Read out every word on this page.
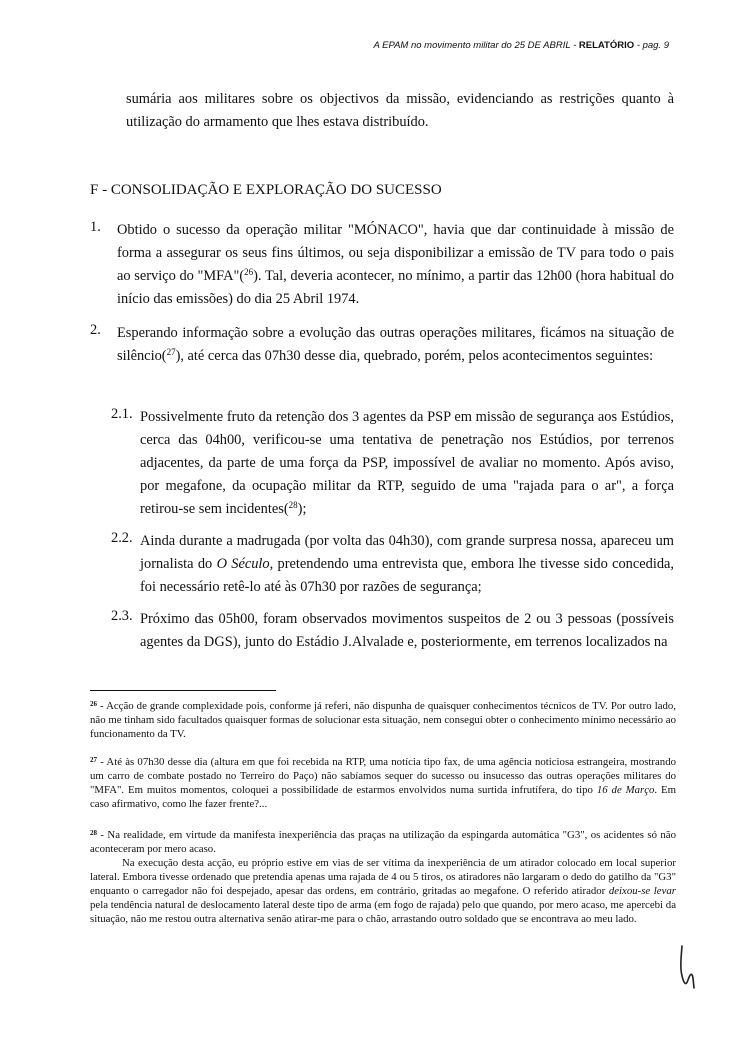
A EPAM no movimento militar do 25 DE ABRIL - RELATÓRIO - pag. 9
sumária aos militares sobre os objectivos da missão, evidenciando as restrições quanto à utilização do armamento que lhes estava distribuído.
F - CONSOLIDAÇÃO E EXPLORAÇÃO DO SUCESSO
1. Obtido o sucesso da operação militar "MÓNACO", havia que dar continuidade à missão de forma a assegurar os seus fins últimos, ou seja disponibilizar a emissão de TV para todo o pais ao serviço do "MFA"($^{26}$). Tal, deveria acontecer, no mínimo, a partir das 12h00 (hora habitual do início das emissões) do dia 25 Abril 1974.
2. Esperando informação sobre a evolução das outras operações militares, ficámos na situação de silêncio($^{27}$), até cerca das 07h30 desse dia, quebrado, porém, pelos acontecimentos seguintes:
2.1. Possivelmente fruto da retenção dos 3 agentes da PSP em missão de segurança aos Estúdios, cerca das 04h00, verificou-se uma tentativa de penetração nos Estúdios, por terrenos adjacentes, da parte de uma força da PSP, impossível de avaliar no momento. Após aviso, por megafone, da ocupação militar da RTP, seguido de uma "rajada para o ar", a força retirou-se sem incidentes($^{28}$);
2.2. Ainda durante a madrugada (por volta das 04h30), com grande surpresa nossa, apareceu um jornalista do O Século, pretendendo uma entrevista que, embora lhe tivesse sido concedida, foi necessário retê-lo até às 07h30 por razões de segurança;
2.3. Próximo das 05h00, foram observados movimentos suspeitos de 2 ou 3 pessoas (possíveis agentes da DGS), junto do Estádio J.Alvalade e, posteriormente, em terrenos localizados na
$^{26}$ - Acção de grande complexidade pois, conforme já referi, não dispunha de quaisquer conhecimentos técnicos de TV. Por outro lado, não me tinham sido facultados quaisquer formas de solucionar esta situação, nem consegui obter o conhecimento mínimo necessário ao funcionamento da TV.
$^{27}$ - Até às 07h30 desse dia (altura em que foi recebida na RTP, uma notícia tipo fax, de uma agência noticiosa estrangeira, mostrando um carro de combate postado no Terreiro do Paço) não sabíamos sequer do sucesso ou insucesso das outras operações militares do "MFA". Em muitos momentos, coloquei a possibilidade de estarmos envolvidos numa surtida infrutífera, do tipo 16 de Março. Em caso afirmativo, como lhe fazer frente?...
$^{28}$ - Na realidade, em virtude da manifesta inexperiência das praças na utilização da espingarda automática "G3", os acidentes só não aconteceram por mero acaso.
Na execução desta acção, eu próprio estive em vias de ser vítima da inexperiência de um atirador colocado em local superior lateral. Embora tivesse ordenado que pretendia apenas uma rajada de 4 ou 5 tiros, os atiradores não largaram o dedo do gatilho da "G3" enquanto o carregador não foi despejado, apesar das ordens, em contrário, gritadas ao megafone. O referido atirador deixou-se levar pela tendência natural de deslocamento lateral deste tipo de arma (em fogo de rajada) pelo que quando, por mero acaso, me apercebi da situação, não me restou outra alternativa senão atirar-me para o chão, arrastando outro soldado que se encontrava ao meu lado.
